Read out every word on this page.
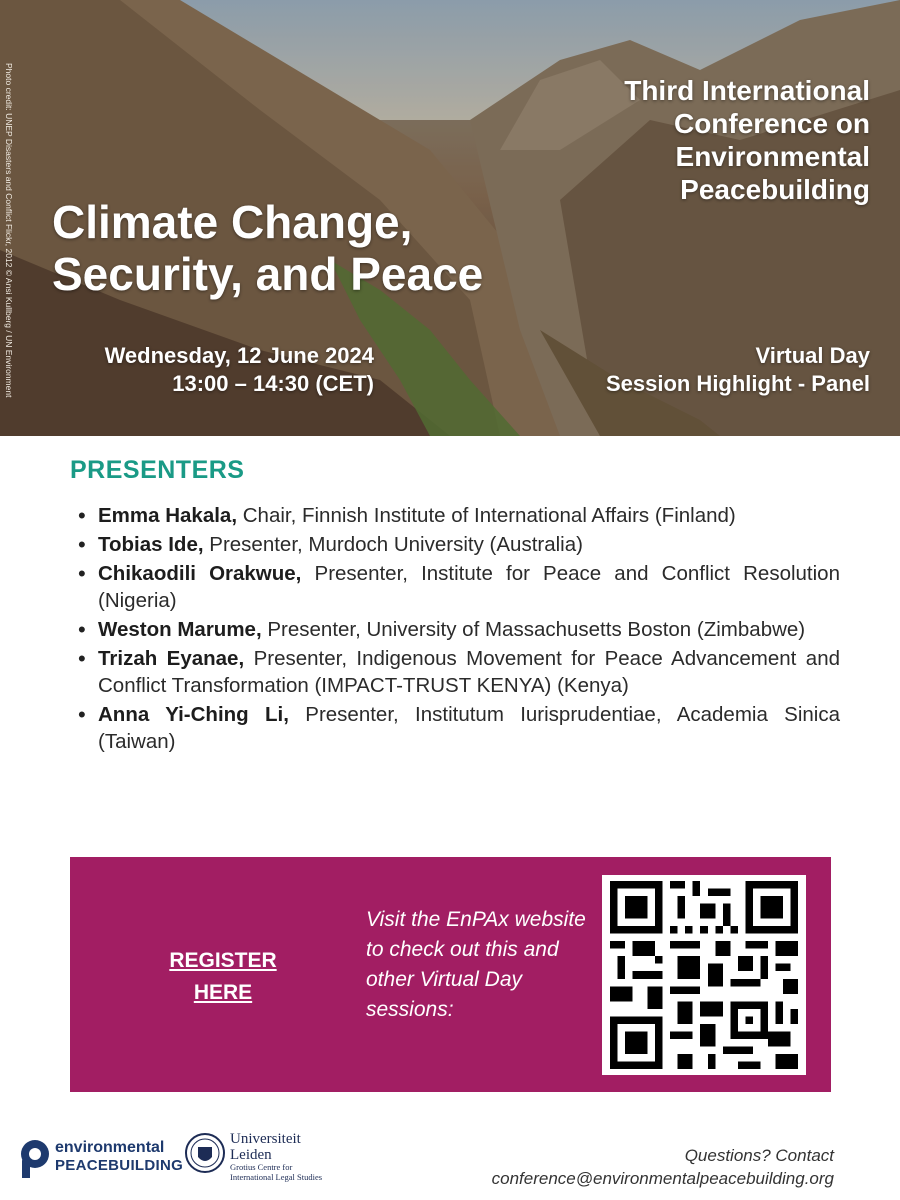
Photo credit: UNEP Disasters and Conflict Flickr, 2012 © Ansi Kullberg / UN Environment	Third International Conference on Environmental Peacebuilding
Climate Change,
Security, and Peace
Wednesday, 12 June 2024
13:00 – 14:30 (CET)
Virtual Day
Session Highlight - Panel
PRESENTERS
• Emma Hakala, Chair, Finnish Institute of International Affairs (Finland)
• Tobias Ide, Presenter, Murdoch University (Australia)
• Chikaodili Orakwue, Presenter, Institute for Peace and Conflict Resolution (Nigeria)
• Weston Marume, Presenter, University of Massachusetts Boston (Zimbabwe)
• Trizah Eyanae, Presenter, Indigenous Movement for Peace Advancement and Conflict Transformation (IMPACT-TRUST KENYA) (Kenya)
• Anna Yi-Ching Li, Presenter, Institutum Iurisprudentiae, Academia Sinica (Taiwan)
REGISTER
HERE
Visit the EnPAx website to check out this and other Virtual Day sessions:
environmental
PEACEBUILDING
Universiteit
Leiden
Grotius Centre for
International Legal Studies
Questions? Contact
conference@environmentalpeacebuilding.org
